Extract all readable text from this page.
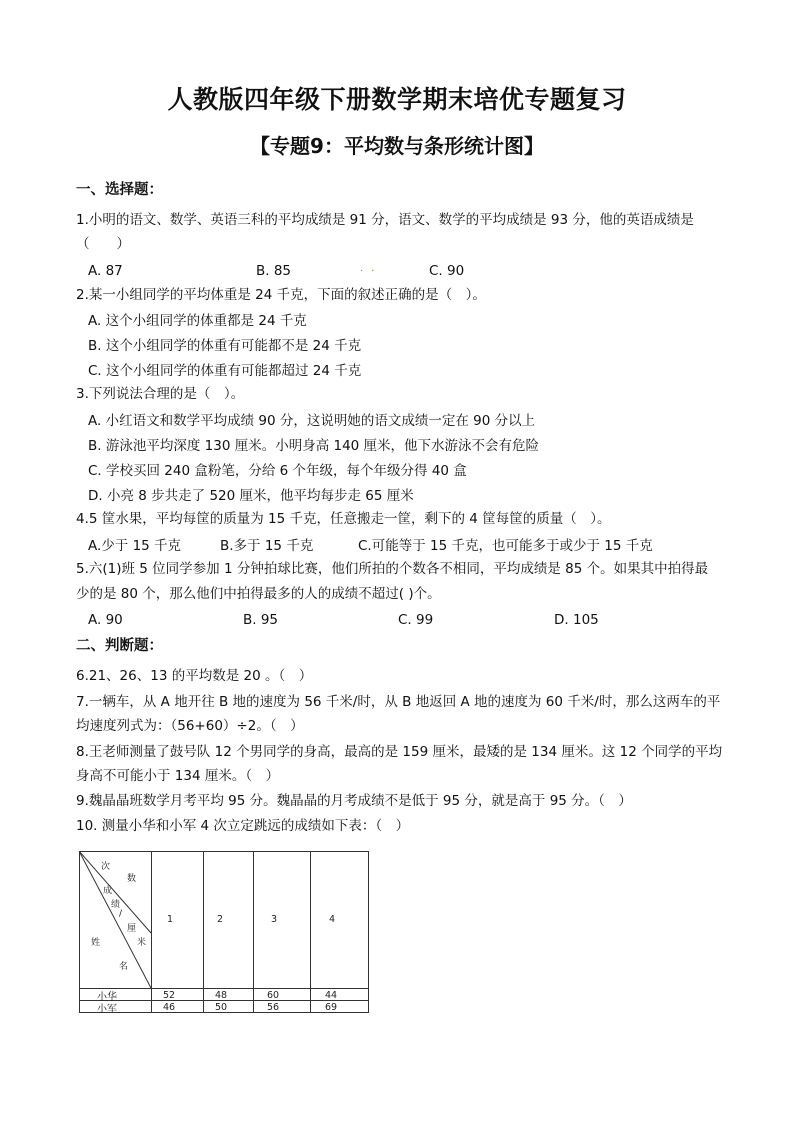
人教版四年级下册数学期末培优专题复习
【专题9：平均数与条形统计图】
一、选择题：
1.小明的语文、数学、英语三科的平均成绩是 91 分，语文、数学的平均成绩是 93 分，他的英语成绩是
（　　）
A. 87	B. 85	··	C. 90
2.某一小组同学的平均体重是 24 千克，下面的叙述正确的是（　）。
A. 这个小组同学的体重都是 24 千克
B. 这个小组同学的体重有可能都不是 24 千克
C. 这个小组同学的体重有可能都超过 24 千克
3.下列说法合理的是（　）。
A. 小红语文和数学平均成绩 90 分，这说明她的语文成绩一定在 90 分以上
B. 游泳池平均深度 130 厘米。小明身高 140 厘米，他下水游泳不会有危险
C. 学校买回 240 盒粉笔，分给 6 个年级，每个年级分得 40 盒
D. 小亮 8 步共走了 520 厘米，他平均每步走 65 厘米
4.5 筐水果，平均每筐的质量为 15 千克，任意搬走一筐，剩下的 4 筐每筐的质量（　）。
A.少于 15 千克	B.多于 15 千克	C.可能等于 15 千克，也可能多于或少于 15 千克
5.六(1)班 5 位同学参加 1 分钟拍球比赛，他们所拍的个数各不相同，平均成绩是 85 个。如果其中拍得最
少的是 80 个，那么他们中拍得最多的人的成绩不超过( )个。
A. 90	B. 95	C. 99	D. 105
二、判断题：
6.21、26、13 的平均数是 20 。（　）
7.一辆车，从 A 地开往 B 地的速度为 56 千米/时，从 B 地返回 A 地的速度为 60 千米/时，那么这两车的平
均速度列式为：（56+60）÷2。（　）
8.王老师测量了鼓号队 12 个男同学的身高，最高的是 159 厘米，最矮的是 134 厘米。这 12 个同学的平均
身高不可能小于 134 厘米。（　）
9.魏晶晶班数学月考平均 95 分。魏晶晶的月考成绩不是低于 95 分，就是高于 95 分。（　）
10. 测量小华和小军 4 次立定跳远的成绩如下表：（　）
次
数
成
绩
/
厘
米
姓
名
1	2	3	4
小华	52	48	60	44
小军	46	50	56	69
